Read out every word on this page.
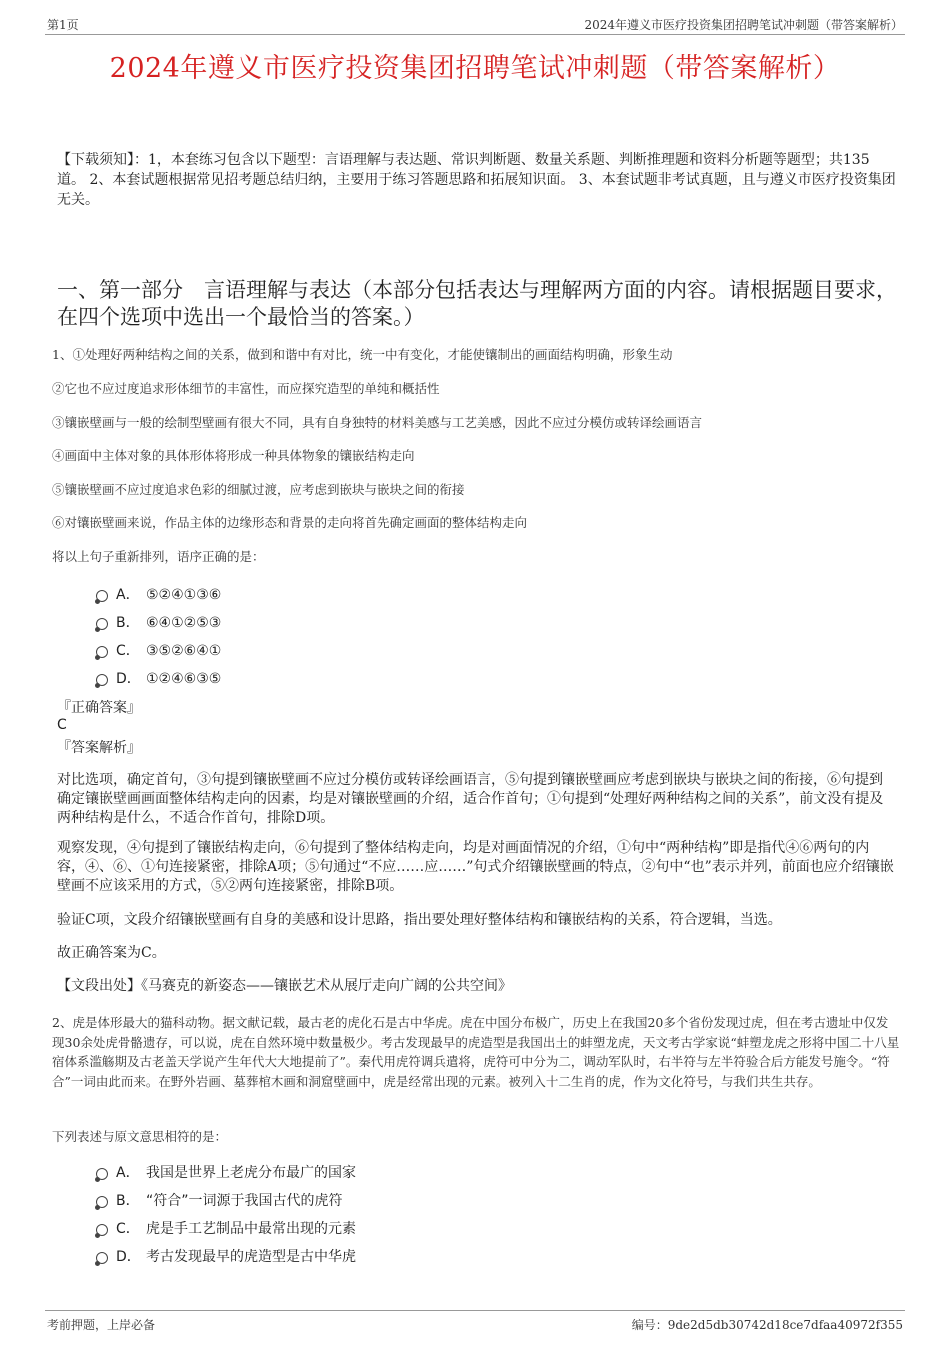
第1页	2024年遵义市医疗投资集团招聘笔试冲刺题（带答案解析）
2024年遵义市医疗投资集团招聘笔试冲刺题（带答案解析）
【下载须知】：1，本套练习包含以下题型：言语理解与表达题、常识判断题、数量关系题、判断推理题和资料分析题等题型；共135道。 2、本套试题根据常见招考题总结归纳，主要用于练习答题思路和拓展知识面。 3、本套试题非考试真题，且与遵义市医疗投资集团无关。
一、第一部分　言语理解与表达（本部分包括表达与理解两方面的内容。请根据题目要求，在四个选项中选出一个最恰当的答案。）
1、①处理好两种结构之间的关系，做到和谐中有对比，统一中有变化，才能使镶制出的画面结构明确，形象生动
②它也不应过度追求形体细节的丰富性，而应探究造型的单纯和概括性
③镶嵌壁画与一般的绘制型壁画有很大不同，具有自身独特的材料美感与工艺美感，因此不应过分模仿或转译绘画语言
④画面中主体对象的具体形体将形成一种具体物象的镶嵌结构走向
⑤镶嵌壁画不应过度追求色彩的细腻过渡，应考虑到嵌块与嵌块之间的衔接
⑥对镶嵌壁画来说，作品主体的边缘形态和背景的走向将首先确定画面的整体结构走向
将以上句子重新排列，语序正确的是：
A． ⑤②④①③⑥
B． ⑥④①②⑤③
C． ③⑤②⑥④①
D． ①②④⑥③⑤
『正确答案』
C
『答案解析』
对比选项，确定首句，③句提到镶嵌壁画不应过分模仿或转译绘画语言，⑤句提到镶嵌壁画应考虑到嵌块与嵌块之间的衔接，⑥句提到确定镶嵌壁画画面整体结构走向的因素，均是对镶嵌壁画的介绍，适合作首句；①句提到“处理好两种结构之间的关系”，前文没有提及两种结构是什么，不适合作首句，排除D项。
观察发现，④句提到了镶嵌结构走向，⑥句提到了整体结构走向，均是对画面情况的介绍，①句中“两种结构”即是指代④⑥两句的内容，④、⑥、①句连接紧密，排除A项；⑤句通过“不应……应……”句式介绍镶嵌壁画的特点，②句中“也”表示并列，前面也应介绍镶嵌壁画不应该采用的方式，⑤②两句连接紧密，排除B项。
验证C项，文段介绍镶嵌壁画有自身的美感和设计思路，指出要处理好整体结构和镶嵌结构的关系，符合逻辑，当选。
故正确答案为C。
【文段出处】《马赛克的新姿态——镶嵌艺术从展厅走向广阔的公共空间》
2、虎是体形最大的猫科动物。据文献记载，最古老的虎化石是古中华虎。虎在中国分布极广，历史上在我国20多个省份发现过虎，但在考古遗址中仅发现30余处虎骨骼遗存，可以说，虎在自然环境中数量极少。考古发现最早的虎造型是我国出土的蚌塑龙虎，天文考古学家说“蚌塑龙虎之形将中国二十八星宿体系滥觞期及古老盖天学说产生年代大大地提前了”。秦代用虎符调兵遣将，虎符可中分为二，调动军队时，右半符与左半符验合后方能发号施令。“符合”一词由此而来。在野外岩画、墓葬棺木画和洞窟壁画中，虎是经常出现的元素。被列入十二生肖的虎，作为文化符号，与我们共生共存。
下列表述与原文意思相符的是：
A． 我国是世界上老虎分布最广的国家
B． “符合”一词源于我国古代的虎符
C． 虎是手工艺制品中最常出现的元素
D． 考古发现最早的虎造型是古中华虎
考前押题，上岸必备	编号：9de2d5db30742d18ce7dfaa40972f355
